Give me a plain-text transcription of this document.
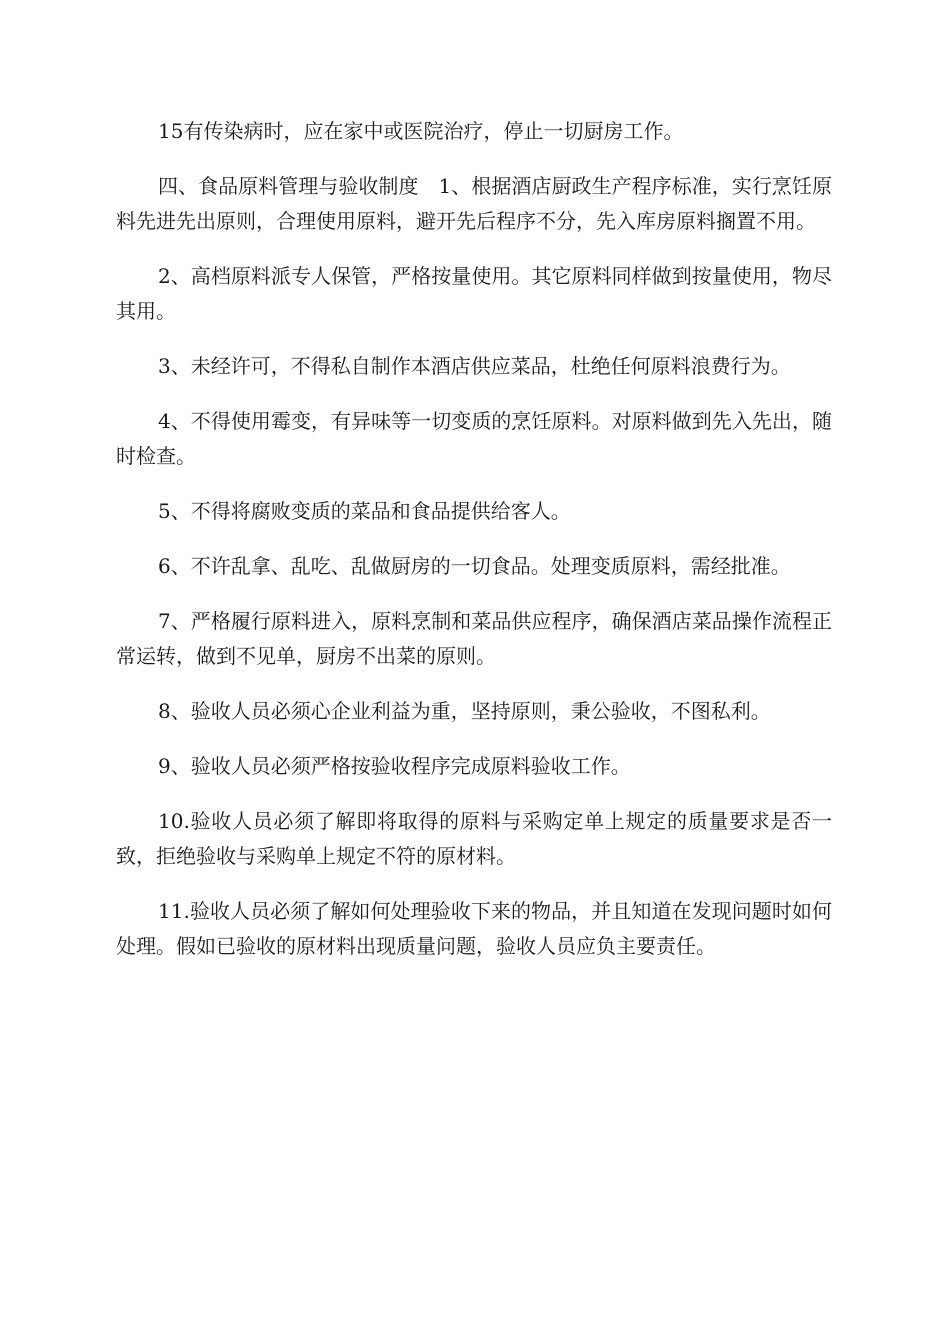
15有传染病时，应在家中或医院治疗，停止一切厨房工作。

四、食品原料管理与验收制度　1、根据酒店厨政生产程序标准，实行烹饪原料先进先出原则，合理使用原料，避开先后程序不分，先入库房原料搁置不用。

2、高档原料派专人保管，严格按量使用。其它原料同样做到按量使用，物尽其用。

3、未经许可，不得私自制作本酒店供应菜品，杜绝任何原料浪费行为。

4、不得使用霉变，有异味等一切变质的烹饪原料。对原料做到先入先出，随时检查。

5、不得将腐败变质的菜品和食品提供给客人。

6、不许乱拿、乱吃、乱做厨房的一切食品。处理变质原料，需经批准。

7、严格履行原料进入，原料烹制和菜品供应程序，确保酒店菜品操作流程正常运转，做到不见单，厨房不出菜的原则。

8、验收人员必须心企业利益为重，坚持原则，秉公验收，不图私利。

9、验收人员必须严格按验收程序完成原料验收工作。

10.验收人员必须了解即将取得的原料与采购定单上规定的质量要求是否一致，拒绝验收与采购单上规定不符的原材料。

11.验收人员必须了解如何处理验收下来的物品，并且知道在发现问题时如何处理。假如已验收的原材料出现质量问题，验收人员应负主要责任。
